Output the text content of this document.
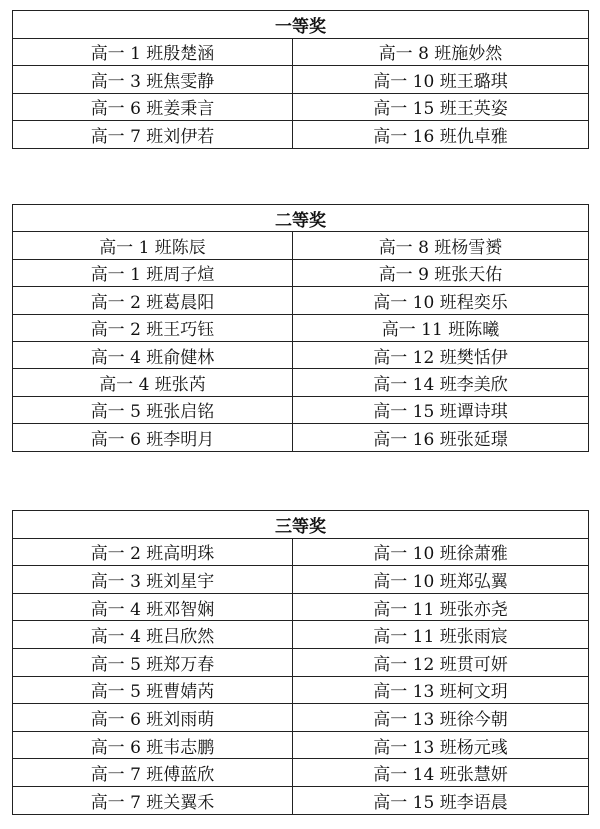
一等奖	
高一 1 班殷楚涵	高一 8 班施妙然
高一 3 班焦雯静	高一 10 班王璐琪
高一 6 班姜秉言	高一 15 班王英姿
高一 7 班刘伊若	高一 16 班仇卓雅
二等奖	
高一 1 班陈辰	高一 8 班杨雪赟
高一 1 班周子煊	高一 9 班张天佑
高一 2 班葛晨阳	高一 10 班程奕乐
高一 2 班王巧钰	高一 11 班陈曦
高一 4 班俞健林	高一 12 班樊恬伊
高一 4 班张芮	高一 14 班李美欣
高一 5 班张启铭	高一 15 班谭诗琪
高一 6 班李明月	高一 16 班张延璟
三等奖	
高一 2 班高明珠	高一 10 班徐萧雅
高一 3 班刘星宇	高一 10 班郑弘翼
高一 4 班邓智娴	高一 11 班张亦尧
高一 4 班吕欣然	高一 11 班张雨宸
高一 5 班郑万春	高一 12 班贯可妍
高一 5 班曹婧芮	高一 13 班柯文玥
高一 6 班刘雨萌	高一 13 班徐今朝
高一 6 班韦志鹏	高一 13 班杨元彧
高一 7 班傅蓝欣	高一 14 班张慧妍
高一 7 班关翼禾	高一 15 班李语晨
